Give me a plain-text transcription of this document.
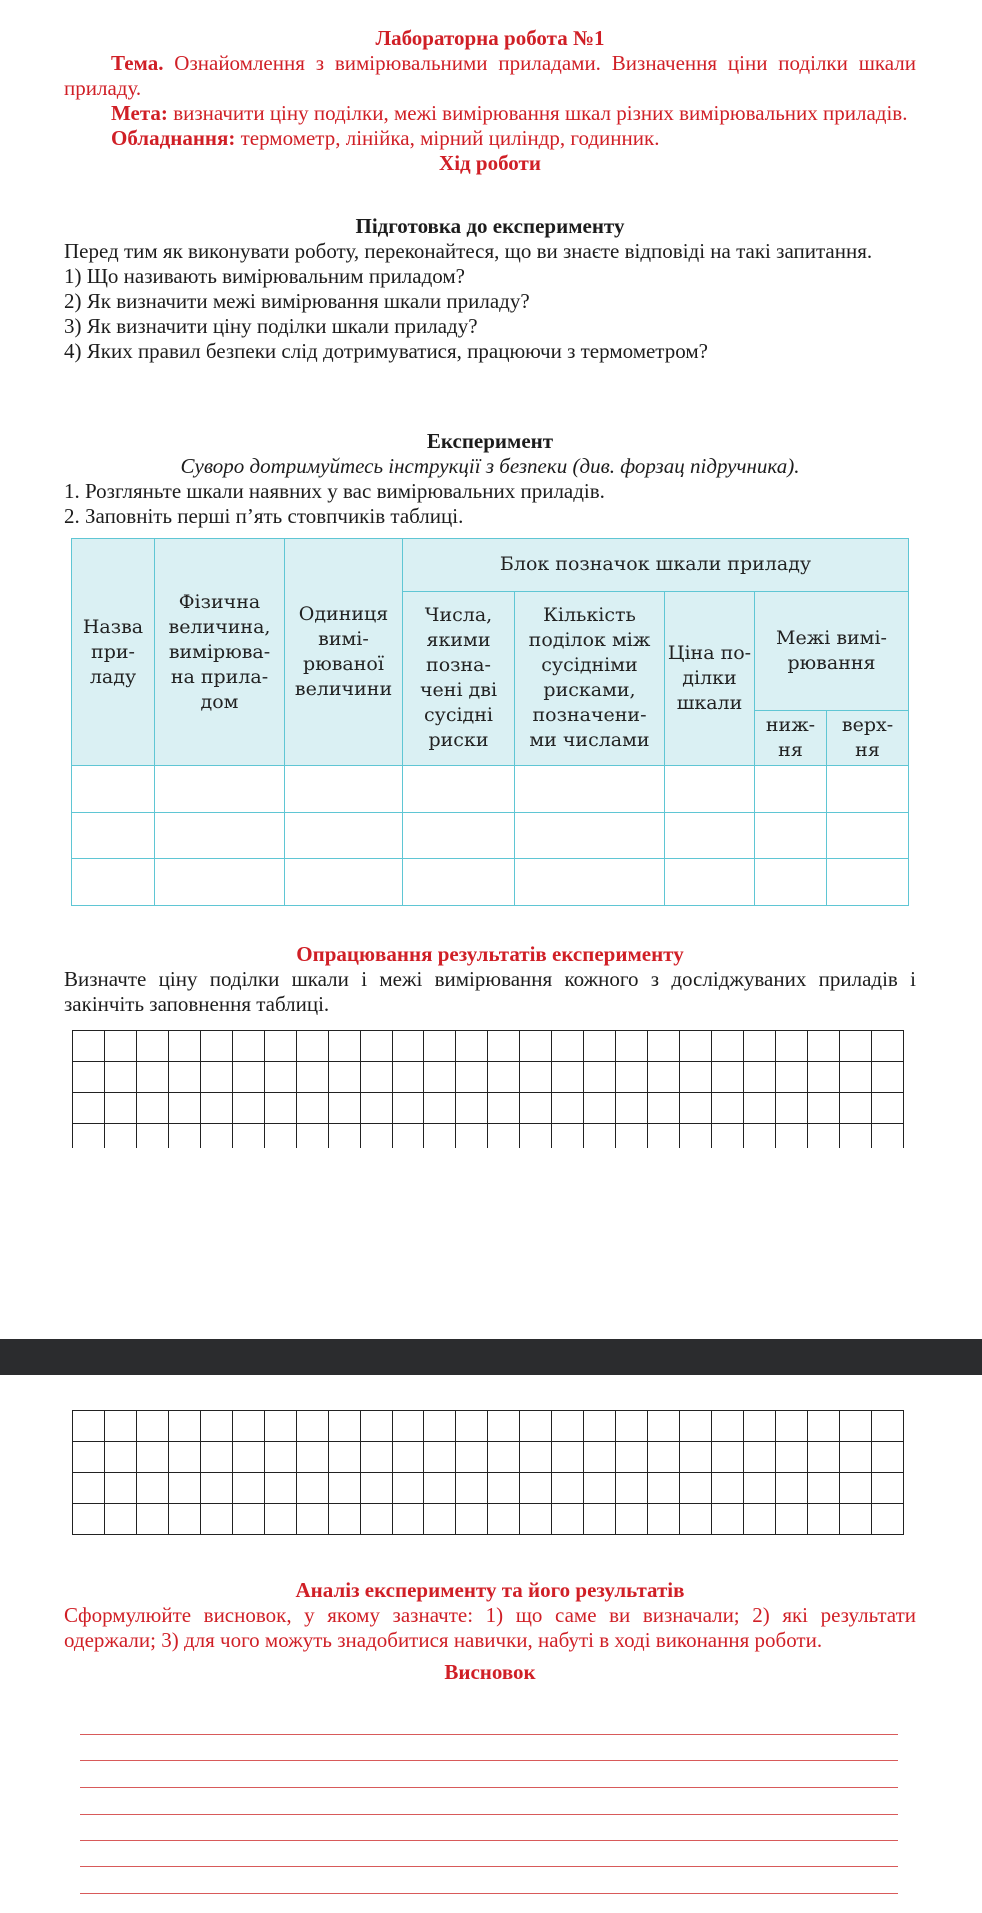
Лабораторна робота №1

Тема. Ознайомлення з вимірювальними приладами. Визначення ціни поділки шкали приладу.

Мета: визначити ціну поділки, межі вимірювання шкал різних вимірювальних приладів.

Обладнання: термометр, лінійка, мірний циліндр, годинник.

Хід роботи

Підготовка до експерименту

Перед тим як виконувати роботу, переконайтеся, що ви знаєте відповіді на такі запитання.

1) Що називають вимірювальним приладом?

2) Як визначити межі вимірювання шкали приладу?

3) Як визначити ціну поділки шкали приладу?

4) Яких правил безпеки слід дотримуватися, працюючи з термометром?

Експеримент

Суворо дотримуйтесь інструкції з безпеки (див. форзац підручника).

1. Розгляньте шкали наявних у вас вимірювальних приладів.

2. Заповніть перші п’ять стовпчиків таблиці.

Назва при- ладу	Фізична величина, вимірюва- на прила- дом	Одиниця вимі- рюваної величини	Блок позначок шкали приладу				
			Числа, якими позна- чені дві сусідні риски	Кількість поділок між сусідніми рисками, позначени- ми числами	Ціна по- ділки шкали	Межі вимі- рювання	
						ниж- ня	верх- ня

Опрацювання результатів експерименту

Визначте ціну поділки шкали і межі вимірювання кожного з досліджуваних приладів і закінчіть заповнення таблиці.

Аналіз експерименту та його результатів

Сформулюйте висновок, у якому зазначте: 1) що саме ви визначали; 2) які результати одержали; 3) для чого можуть знадобитися навички, набуті в ході виконання роботи.

Висновок
